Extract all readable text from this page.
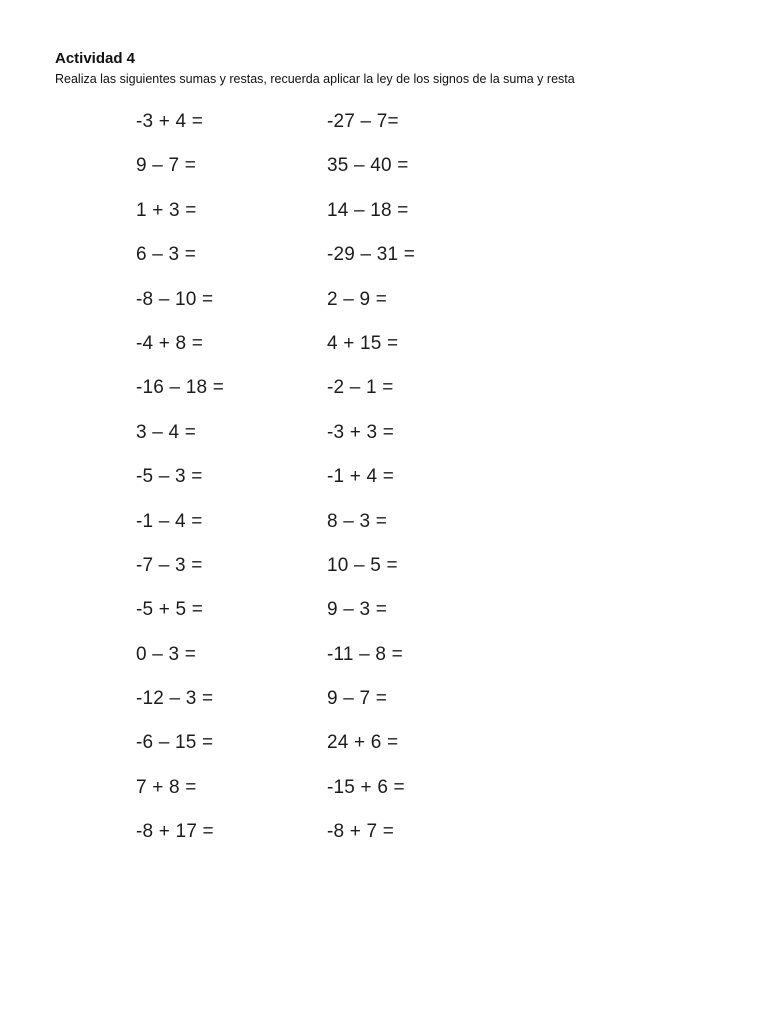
Actividad 4
Realiza las siguientes sumas y restas, recuerda aplicar la ley de los signos de la suma y resta
-3 + 4 =
9 – 7 =
1 + 3 =
6 – 3 =
-8 – 10 =
-4 + 8 =
-16 – 18 =
3 – 4 =
-5 – 3 =
-1 – 4 =
-7 – 3 =
-5 + 5 =
0 – 3 =
-12 – 3 =
-6 – 15 =
7 + 8 =
-8 + 17 =
-27 – 7=
35 – 40 =
14 – 18 =
-29 – 31 =
2 – 9 =
4 + 15 =
-2 – 1 =
-3 + 3 =
-1 + 4 =
8 – 3 =
10 – 5 =
9 – 3 =
-11 – 8 =
9 – 7 =
24 + 6 =
-15 + 6 =
-8 + 7 =
